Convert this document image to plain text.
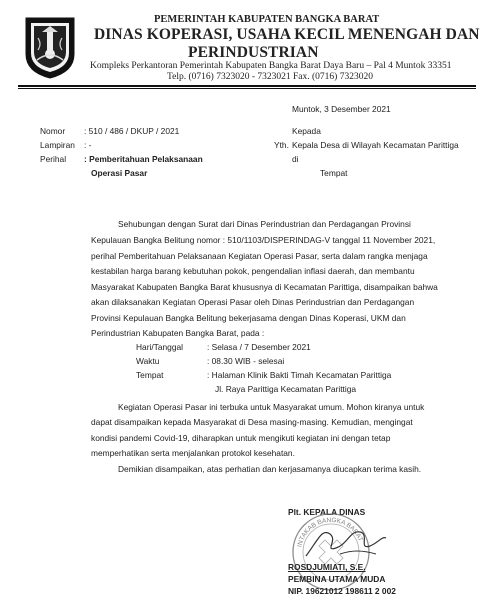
PEMERINTAH KABUPATEN BANGKA BARAT
DINAS KOPERASI, USAHA KECIL MENENGAH DAN
PERINDUSTRIAN
Kompleks Perkantoran Pemerintah Kabupaten Bangka Barat Daya Baru – Pal 4 Muntok 33351
Telp. (0716) 7323020 - 7323021 Fax. (0716) 7323020
Muntok, 3 Desember 2021
Nomor : 510 / 486 / DKUP / 2021
Lampiran : -
Perihal : Pemberitahuan Pelaksanaan
Operasi Pasar
Kepada
Yth. Kepala Desa di Wilayah Kecamatan Parittiga
di
Tempat
Sehubungan dengan Surat dari Dinas Perindustrian dan Perdagangan Provinsi
Kepulauan Bangka Belitung nomor : 510/1103/DISPERINDAG-V tanggal 11 November 2021,
perihal Pemberitahuan Pelaksanaan Kegiatan Operasi Pasar, serta dalam rangka menjaga
kestabilan harga barang kebutuhan pokok, pengendalian inflasi daerah, dan membantu
Masyarakat Kabupaten Bangka Barat khususnya di Kecamatan Parittiga, disampaikan bahwa
akan dilaksanakan Kegiatan Operasi Pasar oleh Dinas Perindustrian dan Perdagangan
Provinsi Kepulauan Bangka Belitung bekerjasama dengan Dinas Koperasi, UKM dan
Perindustrian Kabupaten Bangka Barat, pada :
Hari/Tanggal	: Selasa / 7 Desember 2021
Waktu	: 08.30 WIB - selesai
Tempat	: Halaman Klinik Bakti Timah Kecamatan Parittiga
Jl. Raya Parittiga Kecamatan Parittiga
Kegiatan Operasi Pasar ini terbuka untuk Masyarakat umum. Mohon kiranya untuk
dapat disampaikan kepada Masyarakat di Desa masing-masing. Kemudian, mengingat
kondisi pandemi Covid-19, diharapkan untuk mengikuti kegiatan ini dengan tetap
memperhatikan serta menjalankan protokol kesehatan.
Demikian disampaikan, atas perhatian dan kerjasamanya diucapkan terima kasih.
Plt. KEPALA DINAS
INTAKAB BANGKA BARAT
ROSDJUMIATI, S.E.
PEMBINA UTAMA MUDA
NIP. 19621012 198611 2 002
